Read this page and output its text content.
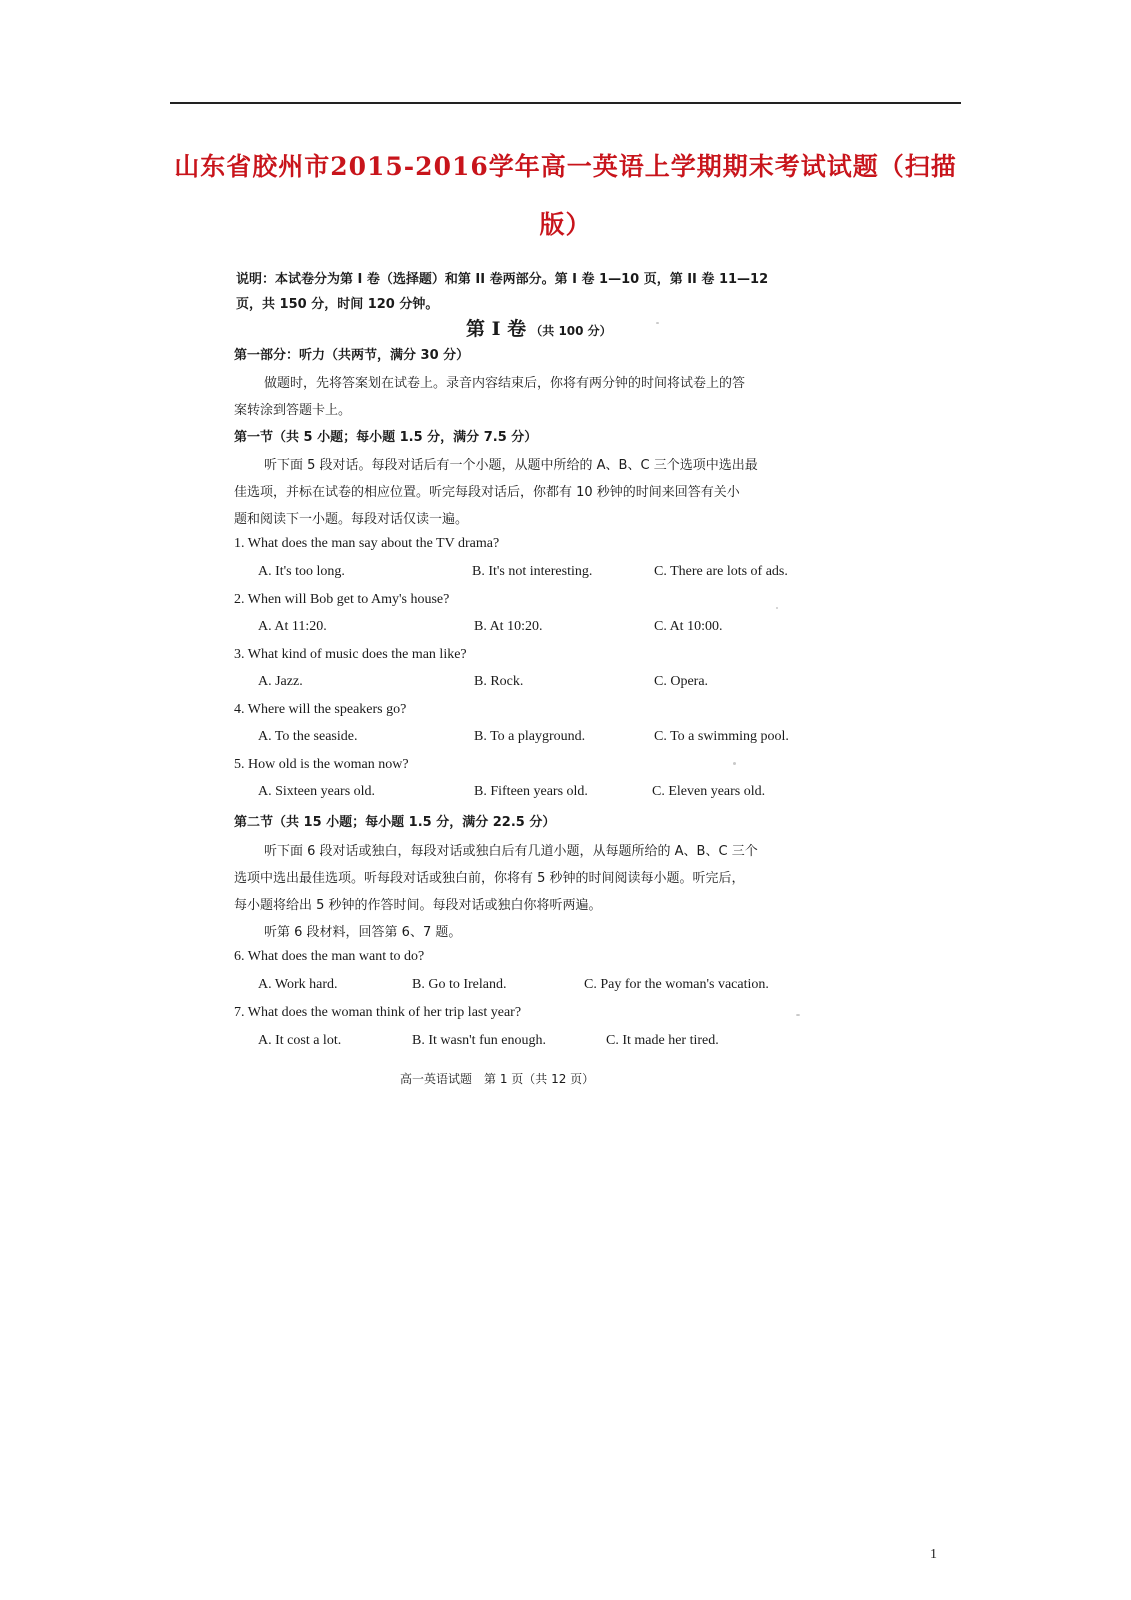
山东省胶州市2015-2016学年高一英语上学期期末考试试题（扫描
版）
说明：本试卷分为第 I 卷（选择题）和第 II 卷两部分。第 I 卷 1—10 页，第 II 卷 11—12
页，共 150 分，时间 120 分钟。
第 I 卷 （共 100 分）
第一部分：听力（共两节，满分 30 分）
做题时，先将答案划在试卷上。录音内容结束后，你将有两分钟的时间将试卷上的答
案转涂到答题卡上。
第一节（共 5 小题；每小题 1.5 分，满分 7.5 分）
听下面 5 段对话。每段对话后有一个小题，从题中所给的 A、B、C 三个选项中选出最
佳选项，并标在试卷的相应位置。听完每段对话后，你都有 10 秒钟的时间来回答有关小
题和阅读下一小题。每段对话仅读一遍。
1. What does the man say about the TV drama?
A. It's too long.	B. It's not interesting.	C. There are lots of ads.
2. When will Bob get to Amy's house?
A. At 11:20.	B. At 10:20.	C. At 10:00.
3. What kind of music does the man like?
A. Jazz.	B. Rock.	C. Opera.
4. Where will the speakers go?
A. To the seaside.	B. To a playground.	C. To a swimming pool.
5. How old is the woman now?
A. Sixteen years old.	B. Fifteen years old.	C. Eleven years old.
第二节（共 15 小题；每小题 1.5 分，满分 22.5 分）
听下面 6 段对话或独白，每段对话或独白后有几道小题，从每题所给的 A、B、C 三个
选项中选出最佳选项。听每段对话或独白前，你将有 5 秒钟的时间阅读每小题。听完后，
每小题将给出 5 秒钟的作答时间。每段对话或独白你将听两遍。
听第 6 段材料，回答第 6、7 题。
6. What does the man want to do?
A. Work hard.	B. Go to Ireland.	C. Pay for the woman's vacation.
7. What does the woman think of her trip last year?
A. It cost a lot.	B. It wasn't fun enough.	C. It made her tired.
高一英语试题　第 1 页（共 12 页）
1
